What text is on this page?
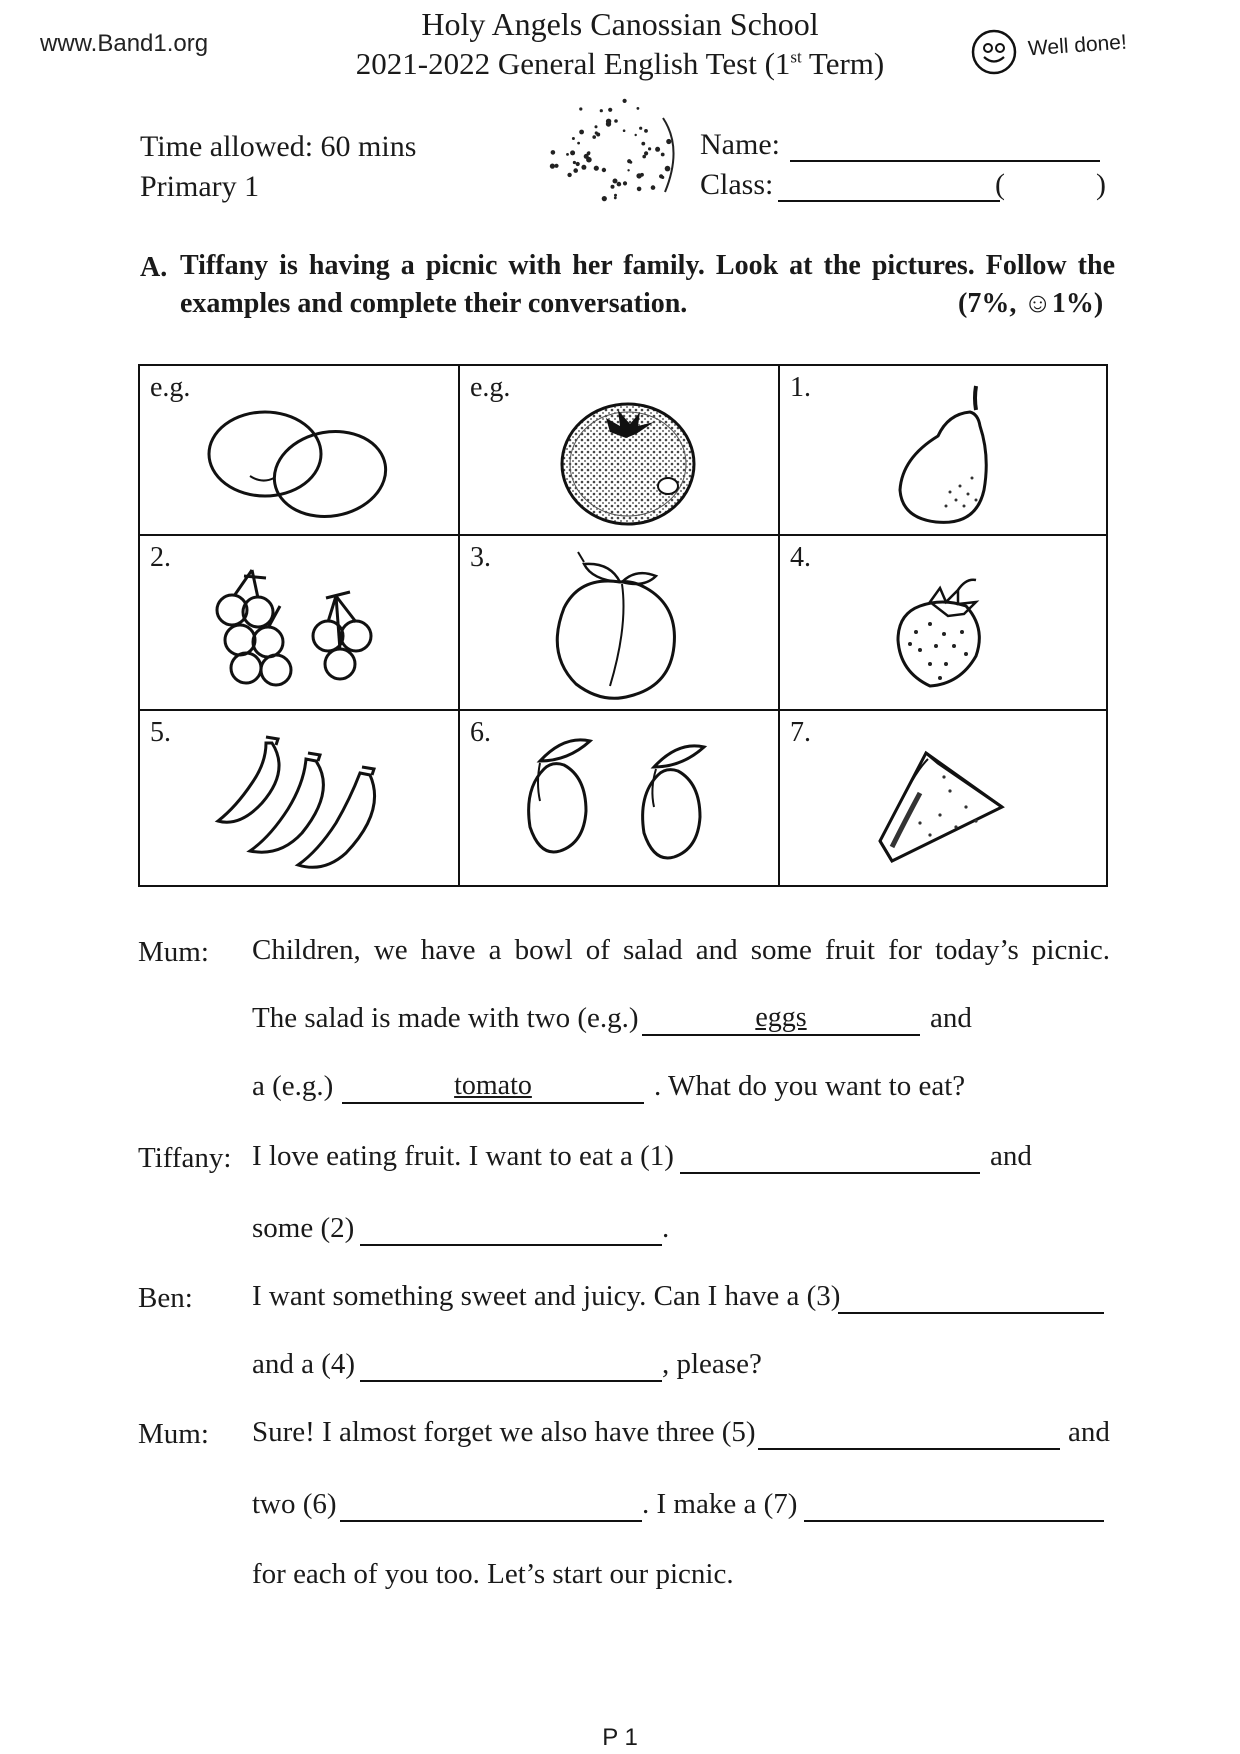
www.Band1.org
Holy Angels Canossian School
2021-2022 General English Test (1st Term)
Well done!
Time allowed: 60 mins
Primary 1
Name:
Class:	(	)
A. Tiffany is having a picnic with her family. Look at the pictures. Follow the
examples and complete their conversation.	(7%, ☺1%)
e.g.	e.g.	1.
2.	3.	4.
5.	6.	7.
Mum: Children, we have a bowl of salad and some fruit for today’s picnic.
The salad is made with two (e.g.)	eggs	and
a (e.g.)	tomato	. What do you want to eat?
Tiffany: I love eating fruit. I want to eat a (1)	and
some (2)	.
Ben: I want something sweet and juicy. Can I have a (3)
and a (4)	, please?
Mum: Sure! I almost forget we also have three (5)	and
two (6)	. I make a (7)
for each of you too. Let’s start our picnic.
P 1
